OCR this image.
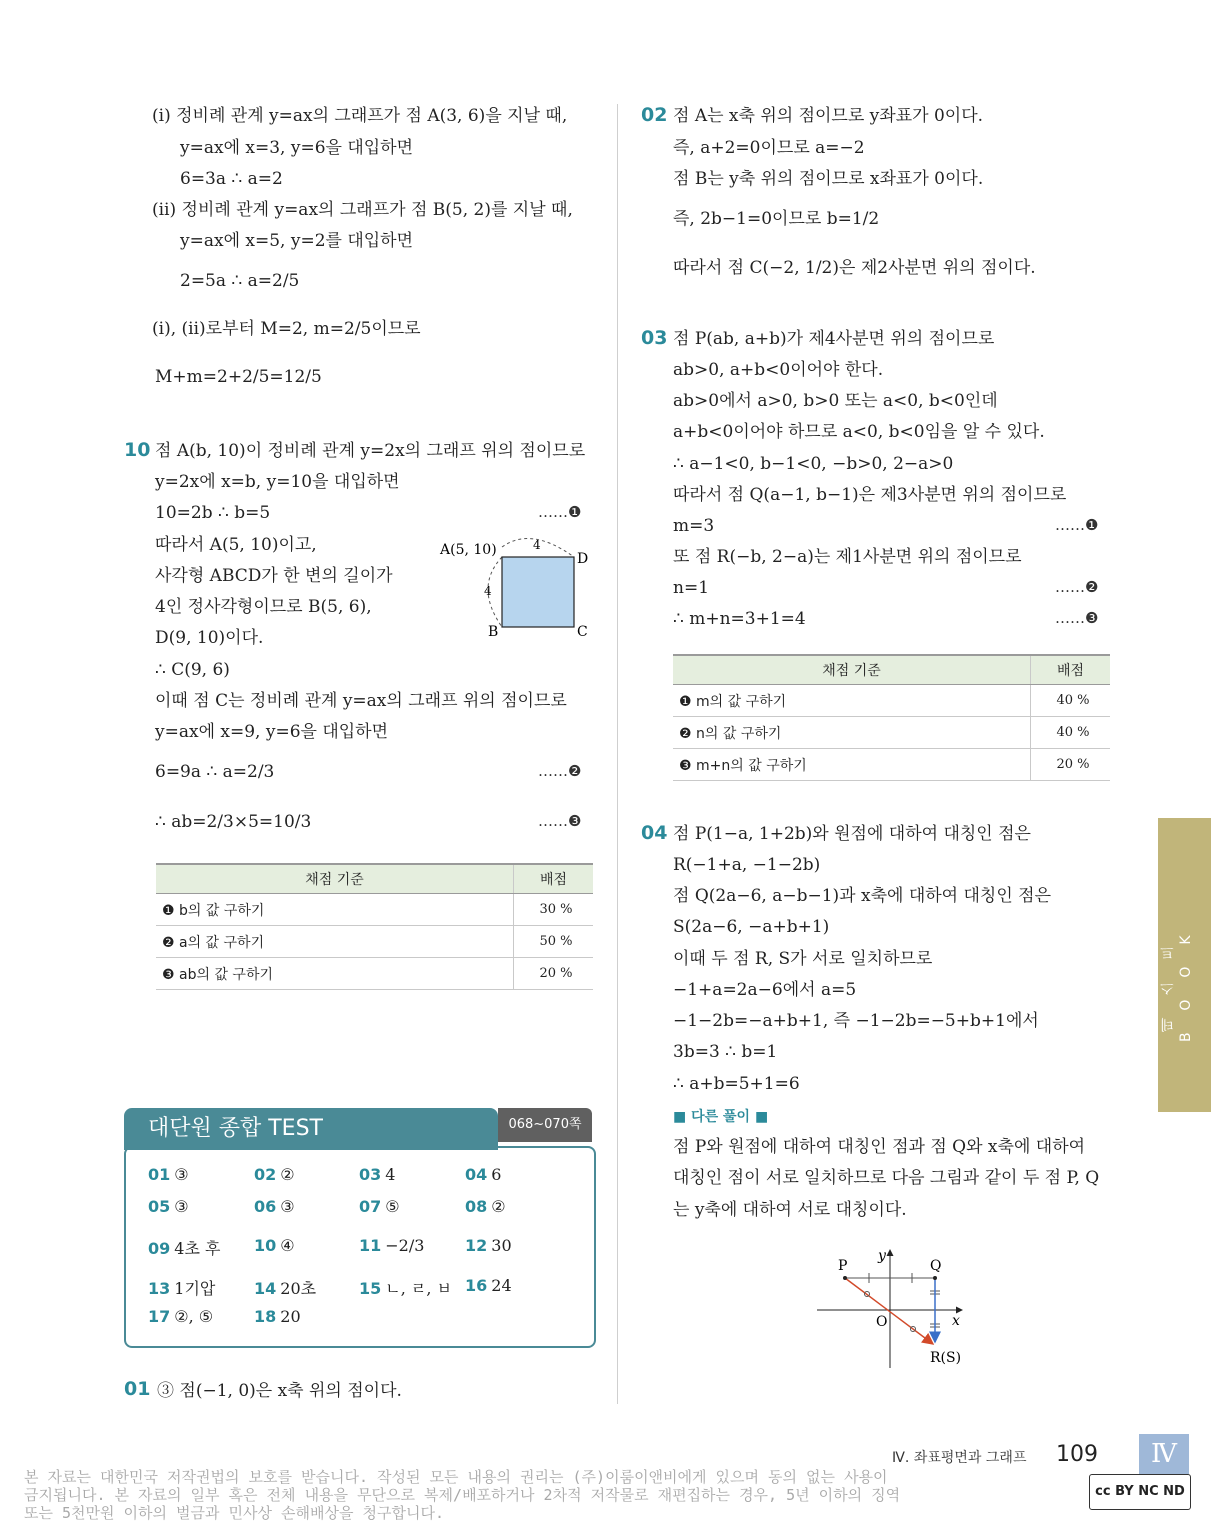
(ⅰ) 정비례 관계 y=ax의 그래프가 점 A(3, 6)을 지날 때,
y=ax에 x=3, y=6을 대입하면
6=3a ∴ a=2
(ⅱ) 정비례 관계 y=ax의 그래프가 점 B(5, 2)를 지날 때,
y=ax에 x=5, y=2를 대입하면
2=5a ∴ a=2/5
(ⅰ), (ⅱ)로부터 M=2, m=2/5이므로
M+m=2+2/5=12/5
10 점 A(b, 10)이 정비례 관계 y=2x의 그래프 위의 점이므로
y=2x에 x=b, y=10을 대입하면
10=2b ∴ b=5
따라서 A(5, 10)이고,
사각형 ABCD가 한 변의 길이가
4인 정사각형이므로 B(5, 6),
D(9, 10)이다.
∴ C(9, 6)
이때 점 C는 정비례 관계 y=ax의 그래프 위의 점이므로
y=ax에 x=9, y=6을 대입하면
6=9a ∴ a=2/3
∴ ab=2/3×5=10/3
……❶
……❷
……❸
A(5, 10)
D
B	C
4
4
채점 기준	배점
❶ b의 값 구하기	30 %
❷ a의 값 구하기	50 %
❸ ab의 값 구하기	20 %
대단원 종합 TEST	068~070쪽
01 ③	02 ②	03 4	04 6
05 ③	06 ③	07 ⑤	08 ②
09 4초 후 10 ④	11 −2/3	12 30
13 1기압 14 20초	15 ㄴ, ㄹ, ㅂ 16 24
17 ②, ⑤	18 20
01 ③ 점(−1, 0)은 x축 위의 점이다.
02 점 A는 x축 위의 점이므로 y좌표가 0이다.
즉, a+2=0이므로 a=−2
점 B는 y축 위의 점이므로 x좌표가 0이다.
즉, 2b−1=0이므로 b=1/2
따라서 점 C(−2, 1/2)은 제2사분면 위의 점이다.
03 점 P(ab, a+b)가 제4사분면 위의 점이므로
ab>0, a+b<0이어야 한다.
ab>0에서 a>0, b>0 또는 a<0, b<0인데
a+b<0이어야 하므로 a<0, b<0임을 알 수 있다.
∴ a−1<0, b−1<0, −b>0, 2−a>0
따라서 점 Q(a−1, b−1)은 제3사분면 위의 점이므로
m=3
또 점 R(−b, 2−a)는 제1사분면 위의 점이므로
n=1
∴ m+n=3+1=4
……❶
……❷
……❸
채점 기준	배점
❶ m의 값 구하기	40 %
❷ n의 값 구하기	40 %
❸ m+n의 값 구하기	20 %
04 점 P(1−a, 1+2b)와 원점에 대하여 대칭인 점은
R(−1+a, −1−2b)
점 Q(2a−6, a−b−1)과 x축에 대하여 대칭인 점은
S(2a−6, −a+b+1)
이때 두 점 R, S가 서로 일치하므로
−1+a=2a−6에서 a=5
−1−2b=−a+b+1, 즉 −1−2b=−5+b+1에서
3b=3 ∴ b=1
∴ a+b=5+1=6
■ 다른 풀이 ■
점 P와 원점에 대하여 대칭인 점과 점 Q와 x축에 대하여
대칭인 점이 서로 일치하므로 다음 그림과 같이 두 점 P, Q
는 y축에 대하여 서로 대칭이다.
P	Q
O	x
y
R(S)
테스트 BOOK
Ⅳ. 좌표평면과 그래프 109	Ⅳ
cc BY NC ND
본 자료는 대한민국 저작권법의 보호를 받습니다. 작성된 모든 내용의 권리는 (주)이룸이앤비에게 있으며 동의 없는 사용이
금지됩니다. 본 자료의 일부 혹은 전체 내용을 무단으로 복제/배포하거나 2차적 저작물로 재편집하는 경우, 5년 이하의 징역
또는 5천만원 이하의 벌금과 민사상 손해배상을 청구합니다.
